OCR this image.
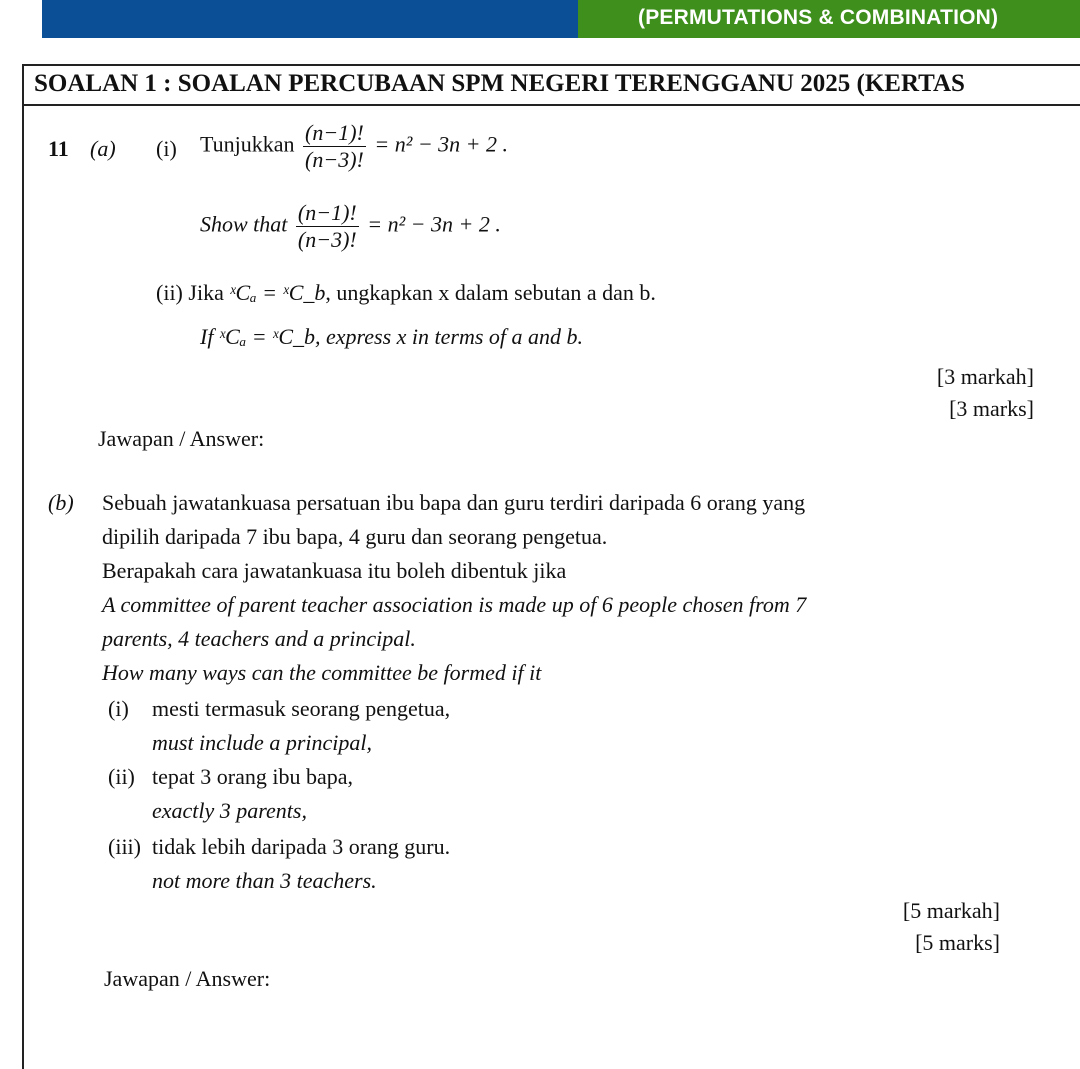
(PERMUTATIONS & COMBINATION)
SOALAN 1 : SOALAN PERCUBAAN SPM NEGERI TERENGGANU 2025 (KERTAS
11 (a) (i) Tunjukkan $\frac{(n-1)!}{(n-3)!} = n^2 - 3n + 2$ .
Show that $\frac{(n-1)!}{(n-3)!} = n^2 - 3n + 2$ .
(ii) Jika ˣCₐ = ˣC_b, ungkapkan x dalam sebutan a dan b.
If ˣCₐ = ˣC_b, express x in terms of a and b.
[3 markah]
[3 marks]
Jawapan / Answer:
(b) Sebuah jawatankuasa persatuan ibu bapa dan guru terdiri daripada 6 orang yang
dipilih daripada 7 ibu bapa, 4 guru dan seorang pengetua.
Berapakah cara jawatankuasa itu boleh dibentuk jika
A committee of parent teacher association is made up of 6 people chosen from 7
parents, 4 teachers and a principal.
How many ways can the committee be formed if it
(i) mesti termasuk seorang pengetua,
must include a principal,
(ii) tepat 3 orang ibu bapa,
exactly 3 parents,
(iii) tidak lebih daripada 3 orang guru.
not more than 3 teachers.
[5 markah]
[5 marks]
Jawapan / Answer:
